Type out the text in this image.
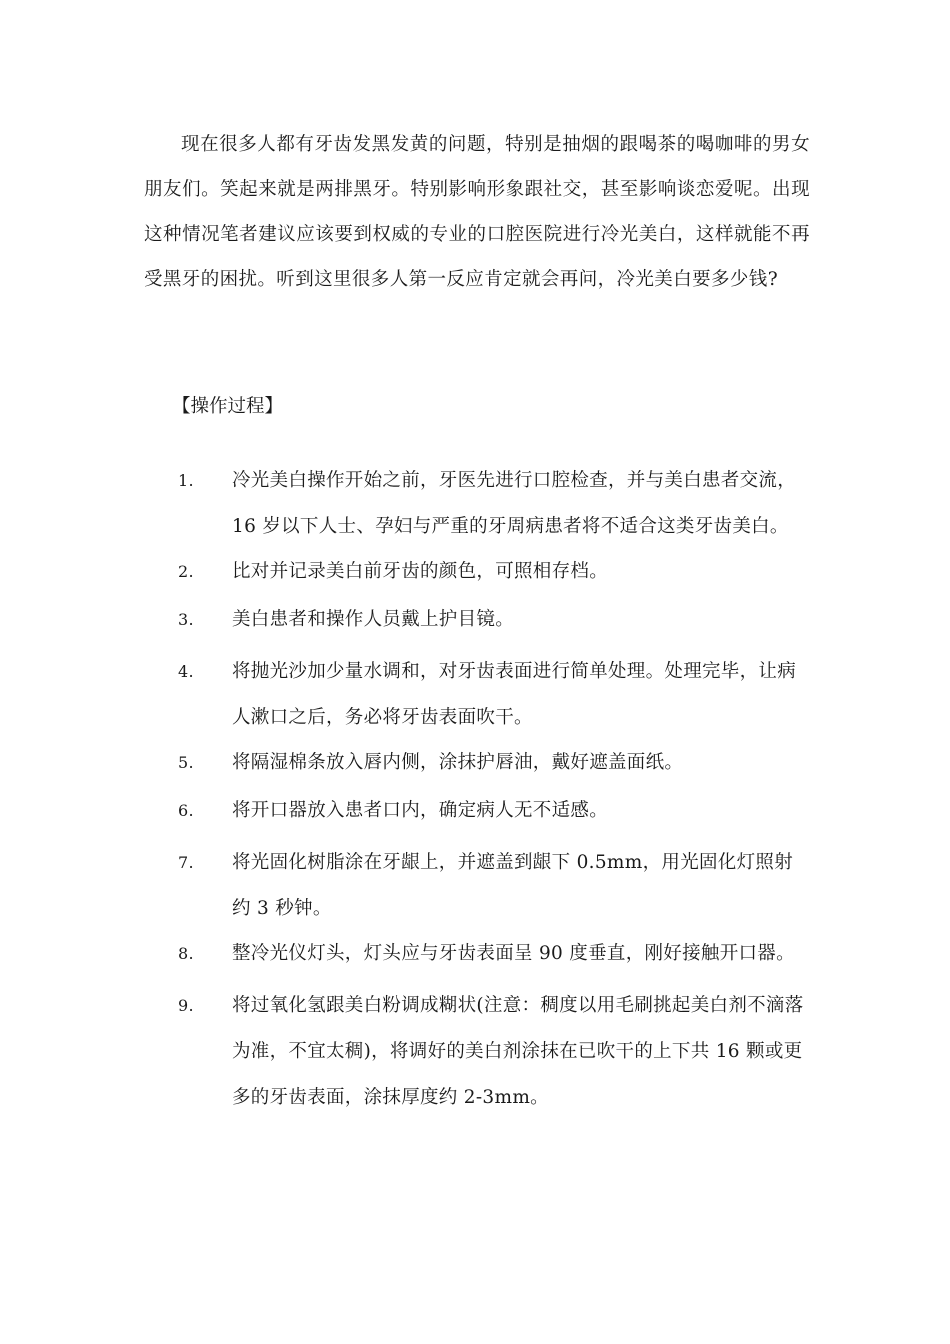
现在很多人都有牙齿发黑发黄的问题，特别是抽烟的跟喝茶的喝咖啡的男女朋友们。笑起来就是两排黑牙。特别影响形象跟社交，甚至影响谈恋爱呢。出现这种情况笔者建议应该要到权威的专业的口腔医院进行冷光美白，这样就能不再受黑牙的困扰。听到这里很多人第一反应肯定就会再问，冷光美白要多少钱?

【操作过程】

1. 冷光美白操作开始之前，牙医先进行口腔检查，并与美白患者交流，16 岁以下人士、孕妇与严重的牙周病患者将不适合这类牙齿美白。
2. 比对并记录美白前牙齿的颜色，可照相存档。
3. 美白患者和操作人员戴上护目镜。
4. 将抛光沙加少量水调和，对牙齿表面进行简单处理。处理完毕，让病人漱口之后，务必将牙齿表面吹干。
5. 将隔湿棉条放入唇内侧，涂抹护唇油，戴好遮盖面纸。
6. 将开口器放入患者口内，确定病人无不适感。
7. 将光固化树脂涂在牙龈上，并遮盖到龈下 0.5mm，用光固化灯照射约 3 秒钟。
8. 整冷光仪灯头，灯头应与牙齿表面呈 90 度垂直，刚好接触开口器。
9. 将过氧化氢跟美白粉调成糊状(注意：稠度以用毛刷挑起美白剂不滴落为准，不宜太稠)，将调好的美白剂涂抹在已吹干的上下共 16 颗或更多的牙齿表面，涂抹厚度约 2-3mm。
